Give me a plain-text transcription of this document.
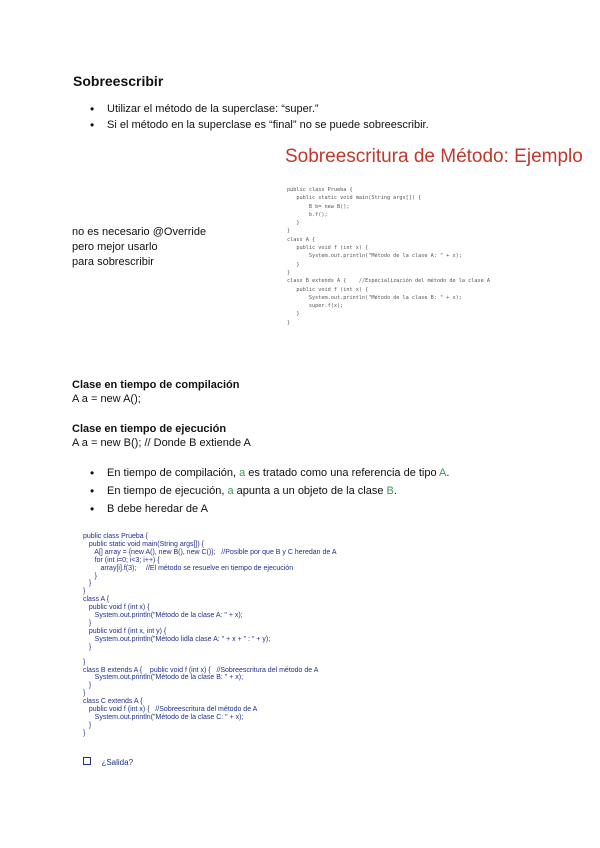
Sobreescribir
• Utilizar el método de la superclase: “super.”
• Si el método en la superclase es “final” no se puede sobreescribir.
Sobreescritura de Método: Ejemplo
public class Prueba {
public static void main(String args[]) {
B b= new B();
b.f();
}
}
class A {
public void f (int x) {
System.out.println("Método de la clase A: " + x);
}
}
class B extends A {    //Especialización del método de la clase A
public void f (int x) {
System.out.println("Método de la clase B: " + x);
super.f(x);
}
}
no es necesario @Override
pero mejor usarlo
para sobrescribir
Clase en tiempo de compilación
A a = new A();
Clase en tiempo de ejecución
A a = new B(); // Donde B extiende A
• En tiempo de compilación, a es tratado como una referencia de tipo A.
• En tiempo de ejecución, a apunta a un objeto de la clase B.
• B debe heredar de A
public class Prueba {
public static void main(String args[]) {
A[] array = {new A(), new B(), new C()};   //Posible por que B y C heredan de A
for (int i=0; i<3; i++) {
array[i].f(3);     //El método se resuelve en tiempo de ejecución
}
}
}
class A {
public void f (int x) {
System.out.println("Método de la clase A: " + x);
}
public void f (int x, int y) {
System.out.println("Método lidla clase A: " + x + " : " + y);
}
}
class B extends A {    public void f (int x) {   //Sobreescritura del método de A
System.out.println("Método de la clase B: " + x);
}
}
class C extends A {
public void f (int x) {   //Sobreescritura del método de A
System.out.println("Método de la clase C: " + x);
}
}
¿Salida?
